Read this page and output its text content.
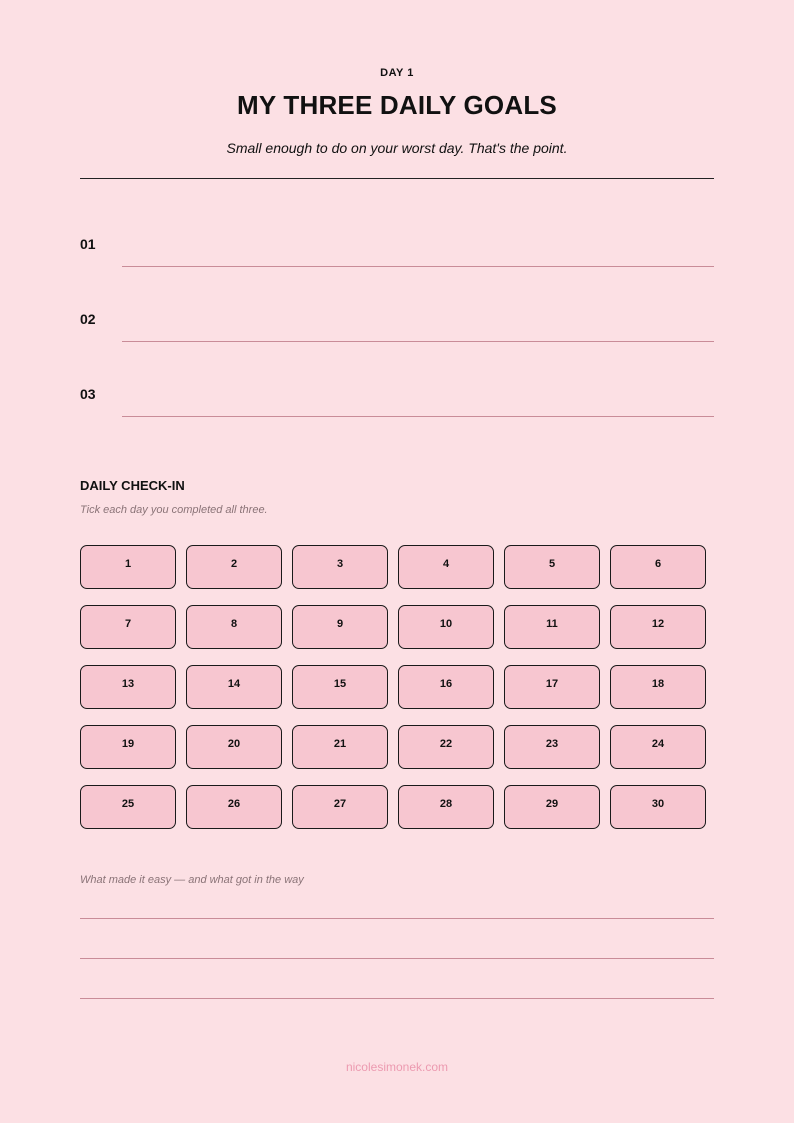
DAY 1
MY THREE DAILY GOALS
Small enough to do on your worst day. That's the point.
01
02
03
DAILY CHECK-IN
Tick each day you completed all three.
1	2	3	4	5	6
7	8	9	10	11	12
13	14	15	16	17	18
19	20	21	22	23	24
25	26	27	28	29	30
What made it easy — and what got in the way
nicolesimonek.com
